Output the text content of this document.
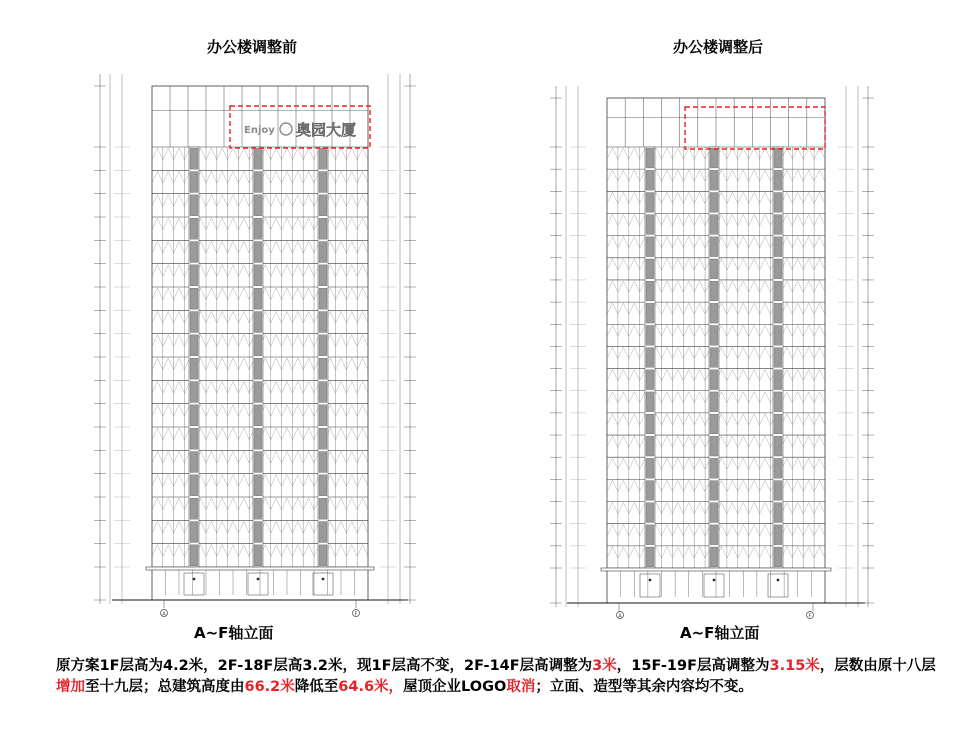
办公楼调整前	办公楼调整后
Enjoy 奥园大厦
A	F	A	F
A~F轴立面	A~F轴立面
原方案1F层高为4.2米，2F-18F层高3.2米，现1F层高不变，2F-14F层高调整为3米，15F-19F层高调整为3.15米，层数由原十八层增加至十九层；总建筑高度由66.2米降低至64.6米，屋顶企业LOGO取消；立面、造型等其余内容均不变。
